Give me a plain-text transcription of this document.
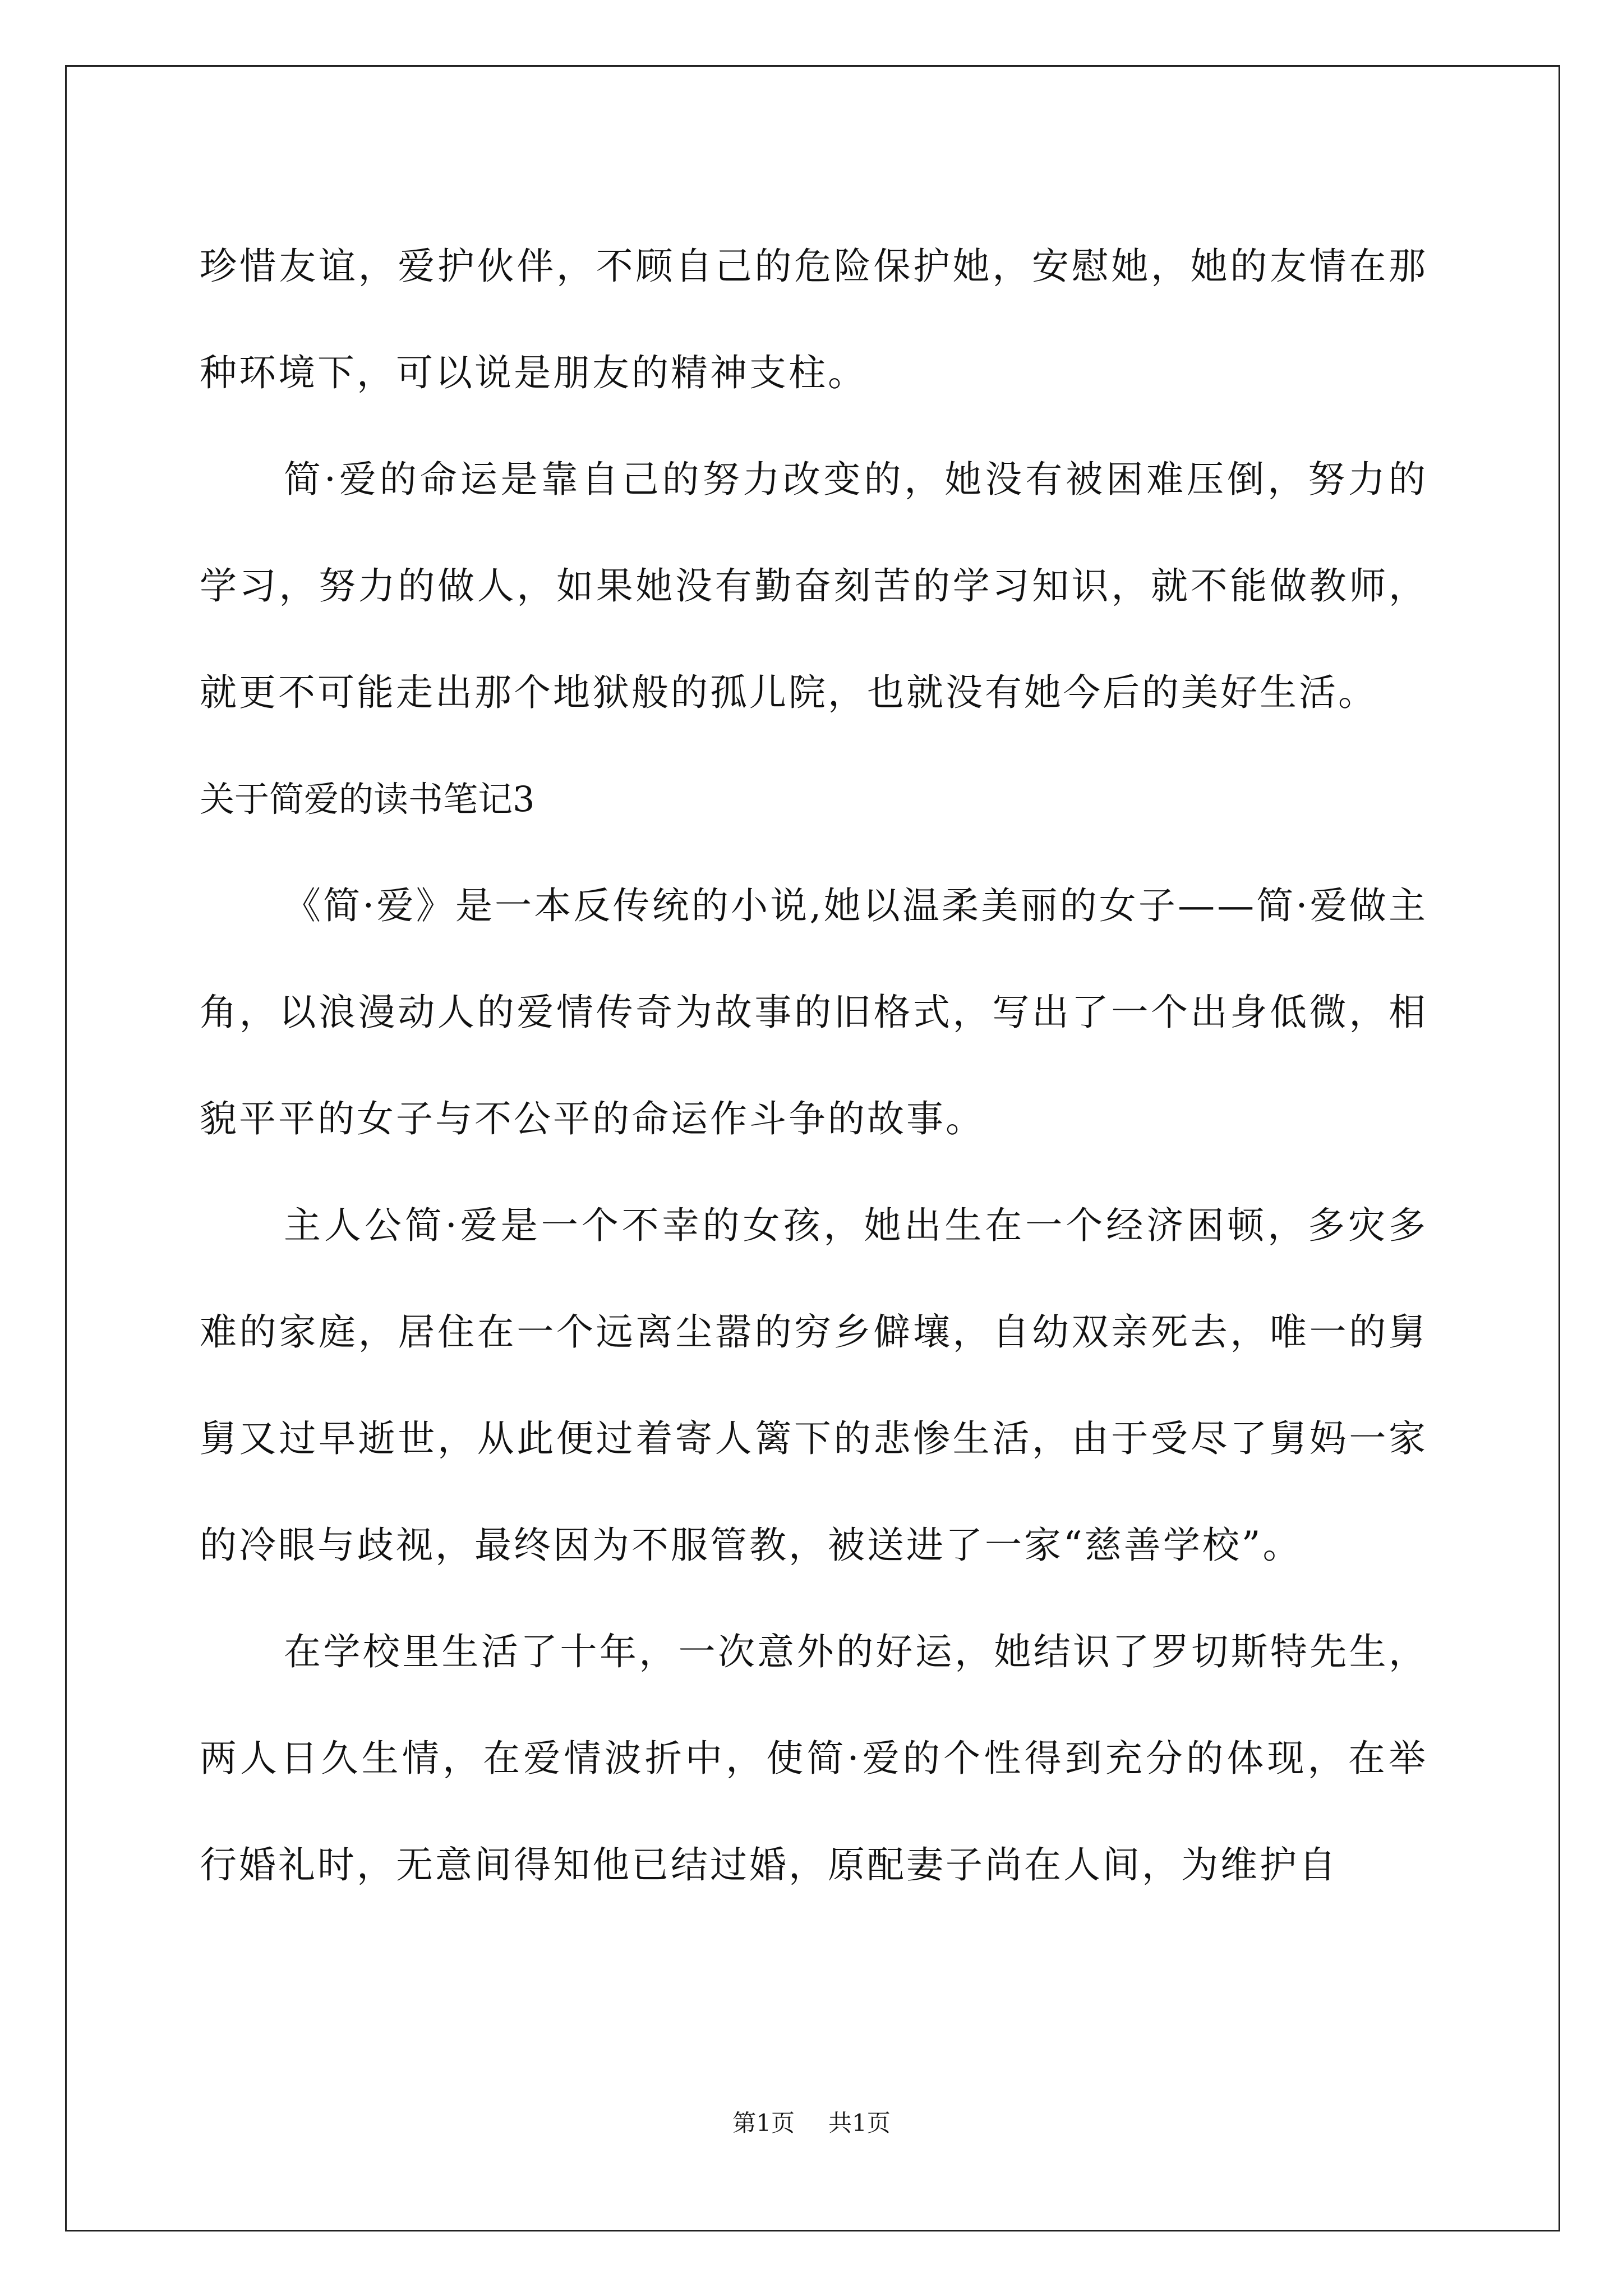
珍惜友谊，爱护伙伴，不顾自己的危险保护她，安慰她，她的友情在那种环境下，可以说是朋友的精神支柱。

简·爱的命运是靠自己的努力改变的，她没有被困难压倒，努力的学习，努力的做人，如果她没有勤奋刻苦的学习知识，就不能做教师，就更不可能走出那个地狱般的孤儿院，也就没有她今后的美好生活。

关于简爱的读书笔记3

《简·爱》是一本反传统的小说,她以温柔美丽的女子——简·爱做主角，以浪漫动人的爱情传奇为故事的旧格式，写出了一个出身低微，相貌平平的女子与不公平的命运作斗争的故事。

主人公简·爱是一个不幸的女孩，她出生在一个经济困顿，多灾多难的家庭，居住在一个远离尘嚣的穷乡僻壤，自幼双亲死去，唯一的舅舅又过早逝世，从此便过着寄人篱下的悲惨生活，由于受尽了舅妈一家的冷眼与歧视，最终因为不服管教，被送进了一家“慈善学校”。

在学校里生活了十年，一次意外的好运，她结识了罗切斯特先生，两人日久生情，在爱情波折中，使简·爱的个性得到充分的体现，在举行婚礼时，无意间得知他已结过婚，原配妻子尚在人间，为维护自

第1页 共1页
